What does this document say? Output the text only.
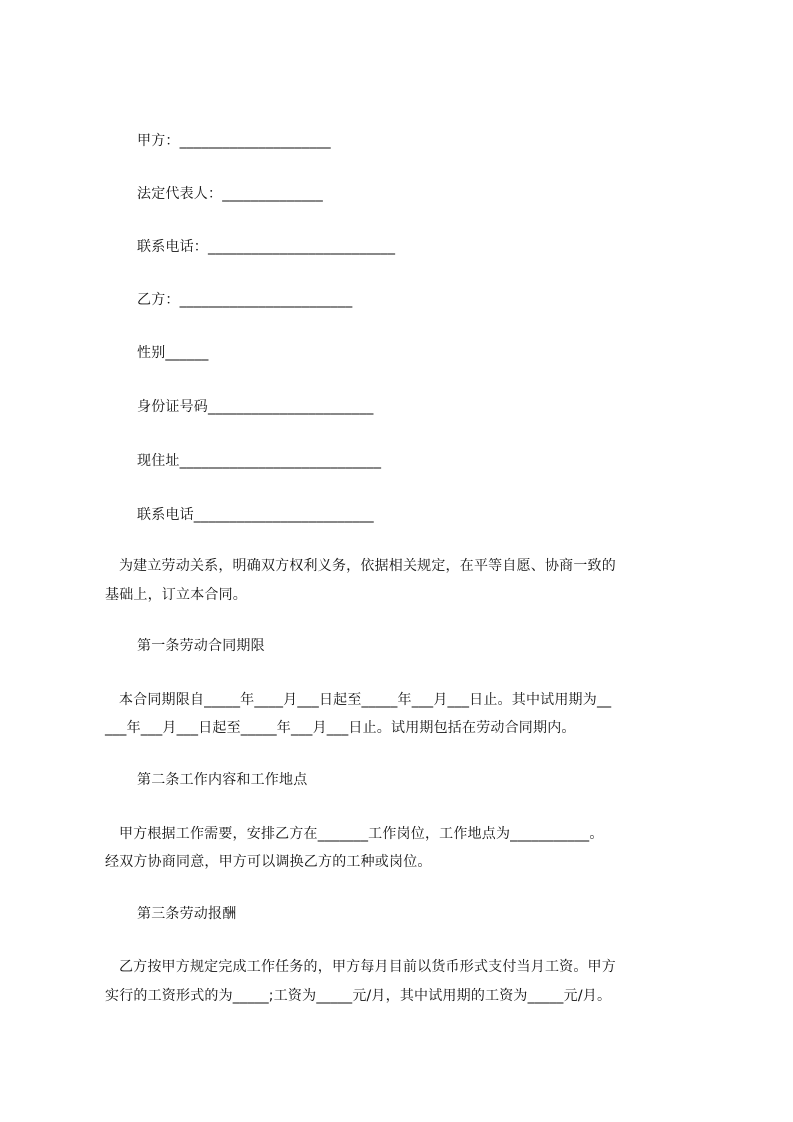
甲方：_____________________
法定代表人：______________
联系电话：__________________________
乙方：________________________
性别______
身份证号码_______________________
现住址____________________________
联系电话_________________________
为建立劳动关系，明确双方权利义务，依据相关规定，在平等自愿、协商一致的
基础上，订立本合同。
第一条劳动合同期限
本合同期限自_____年____月___日起至_____年___月___日止。其中试用期为__
___年___月___日起至_____年___月___日止。试用期包括在劳动合同期内。
第二条工作内容和工作地点
甲方根据工作需要，安排乙方在_______工作岗位，工作地点为___________。
经双方协商同意，甲方可以调换乙方的工种或岗位。
第三条劳动报酬
乙方按甲方规定完成工作任务的，甲方每月目前以货币形式支付当月工资。甲方
实行的工资形式的为_____;工资为_____元/月，其中试用期的工资为_____元/月。
